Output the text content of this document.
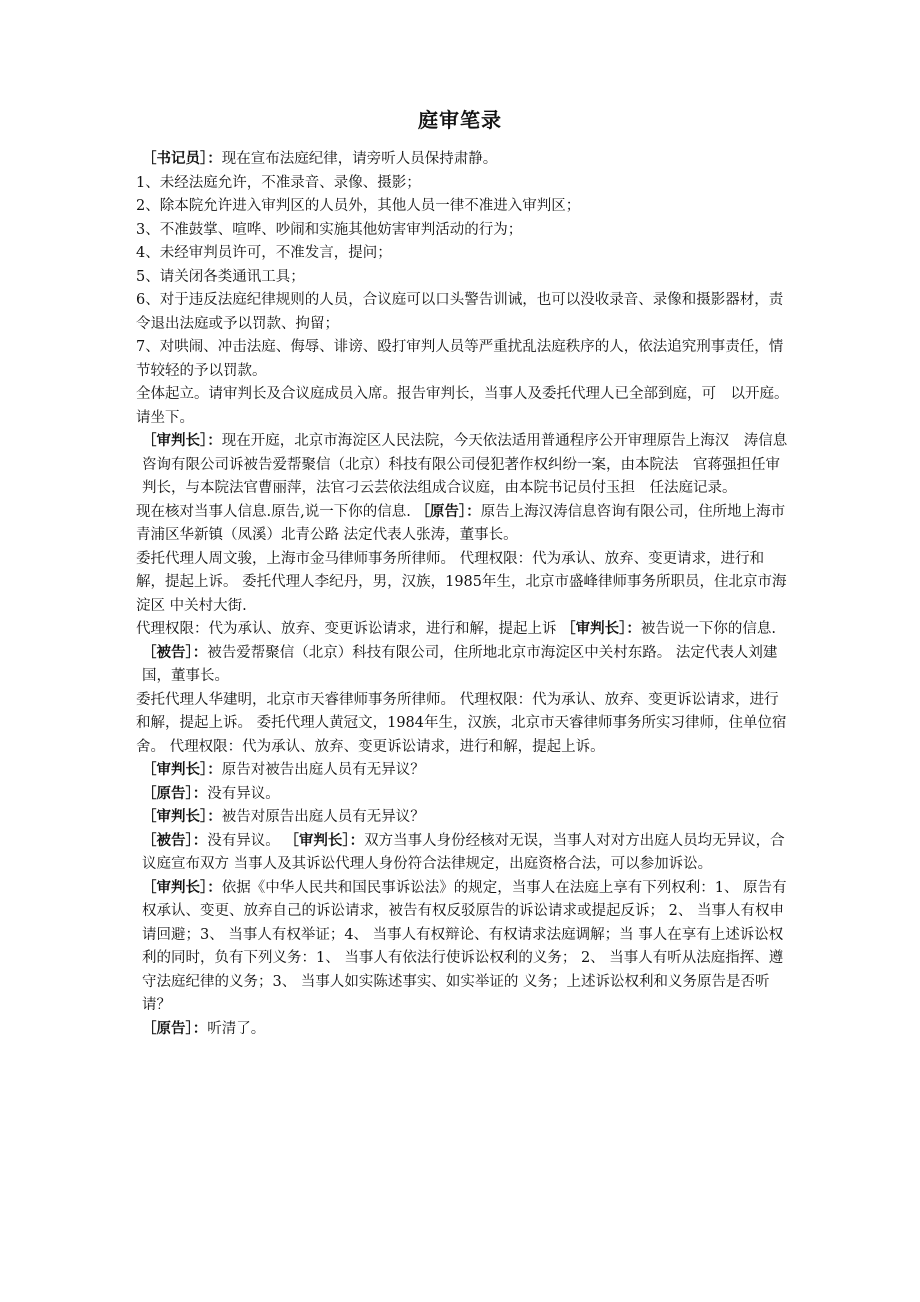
庭审笔录

［书记员］：现在宣布法庭纪律，请旁听人员保持肃静。

1、未经法庭允许，不准录音、录像、摄影；

2、除本院允许进入审判区的人员外，其他人员一律不准进入审判区；

3、不准鼓掌、喧哗、吵闹和实施其他妨害审判活动的行为；

4、未经审判员许可，不准发言，提问；

5、请关闭各类通讯工具；

6、对于违反法庭纪律规则的人员，合议庭可以口头警告训诫，也可以没收录音、录像和摄影器材，责令退出法庭或予以罚款、拘留；

7、对哄闹、冲击法庭、侮辱、诽谤、殴打审判人员等严重扰乱法庭秩序的人，依法追究刑事责任，情节较轻的予以罚款。

全体起立。请审判长及合议庭成员入席。报告审判长，当事人及委托代理人已全部到庭，可　以开庭。请坐下。

［审判长］：现在开庭，北京市海淀区人民法院，今天依法适用普通程序公开审理原告上海汉　涛信息咨询有限公司诉被告爱帮聚信（北京）科技有限公司侵犯著作权纠纷一案，由本院法　官蒋强担任审判长，与本院法官曹丽萍，法官刁云芸依法组成合议庭，由本院书记员付玉担　任法庭记录。

现在核对当事人信息.原告,说一下你的信息. ［原告］：原告上海汉涛信息咨询有限公司，住所地上海市青浦区华新镇（凤溪）北青公路 法定代表人张涛，董事长。

委托代理人周文骏，上海市金马律师事务所律师。 代理权限：代为承认、放弃、变更请求，进行和解，提起上诉。 委托代理人李纪丹，男，汉族，1985年生，北京市盛峰律师事务所职员，住北京市海淀区 中关村大街.

代理权限：代为承认、放弃、变更诉讼请求，进行和解，提起上诉 ［审判长］：被告说一下你的信息.

［被告］：被告爱帮聚信（北京）科技有限公司，住所地北京市海淀区中关村东路。 法定代表人刘建国，董事长。

委托代理人华建明，北京市天睿律师事务所律师。 代理权限：代为承认、放弃、变更诉讼请求，进行和解，提起上诉。 委托代理人黄冠文，1984年生，汉族，北京市天睿律师事务所实习律师，住单位宿舍。 代理权限：代为承认、放弃、变更诉讼请求，进行和解，提起上诉。

［审判长］：原告对被告出庭人员有无异议？

［原告］：没有异议。

［审判长］：被告对原告出庭人员有无异议？

［被告］：没有异议。 ［审判长］：双方当事人身份经核对无误，当事人对对方出庭人员均无异议，合议庭宣布双方 当事人及其诉讼代理人身份符合法律规定，出庭资格合法，可以参加诉讼。

［审判长］：依据《中华人民共和国民事诉讼法》的规定，当事人在法庭上享有下列权利：1、 原告有权承认、变更、放弃自己的诉讼请求，被告有权反驳原告的诉讼请求或提起反诉； 2、 当事人有权申请回避；3、 当事人有权举证；4、 当事人有权辩论、有权请求法庭调解；当 事人在享有上述诉讼权利的同时，负有下列义务：1、 当事人有依法行使诉讼权利的义务； 2、 当事人有听从法庭指挥、遵守法庭纪律的义务；3、 当事人如实陈述事实、如实举证的 义务；上述诉讼权利和义务原告是否听请？

［原告］：听清了。
